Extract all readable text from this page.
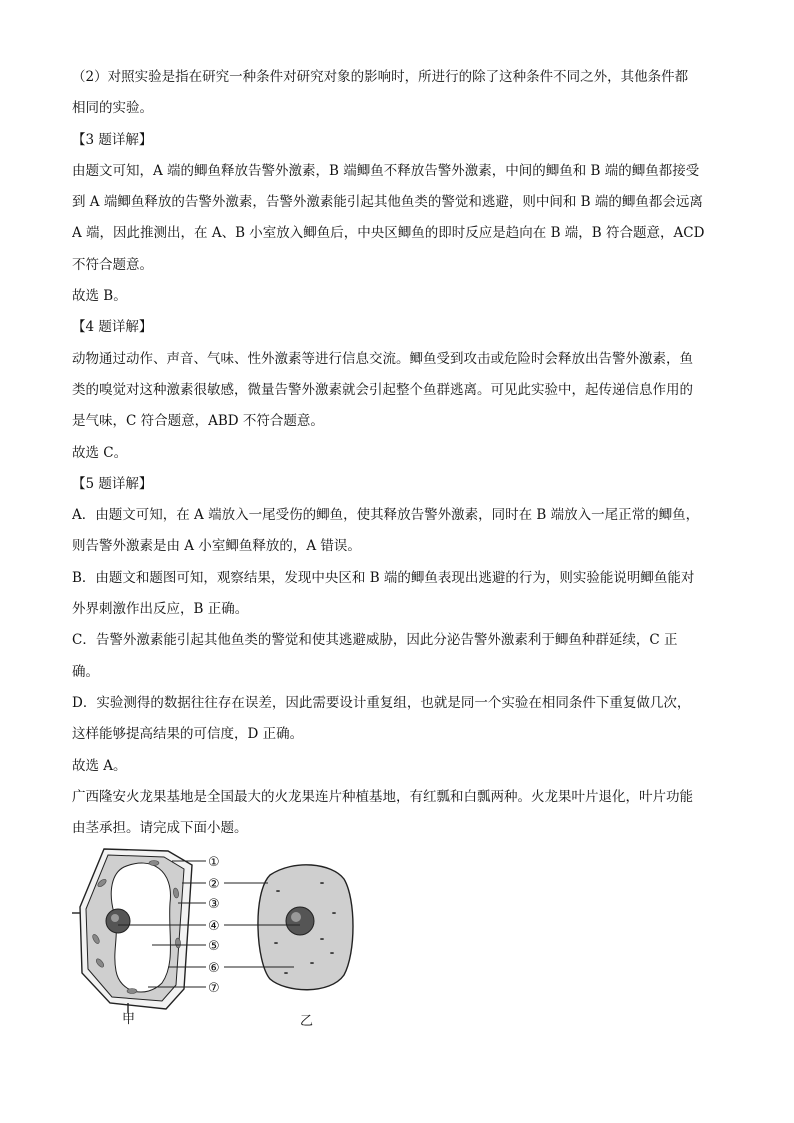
（2）对照实验是指在研究一种条件对研究对象的影响时，所进行的除了这种条件不同之外，其他条件都
相同的实验。
【3 题详解】
由题文可知，A 端的鲫鱼释放告警外激素，B 端鲫鱼不释放告警外激素，中间的鲫鱼和 B 端的鲫鱼都接受
到 A 端鲫鱼释放的告警外激素，告警外激素能引起其他鱼类的警觉和逃避，则中间和 B 端的鲫鱼都会远离
A 端，因此推测出，在 A、B 小室放入鲫鱼后，中央区鲫鱼的即时反应是趋向在 B 端，B 符合题意，ACD
不符合题意。
故选 B。
【4 题详解】
动物通过动作、声音、气味、性外激素等进行信息交流。鲫鱼受到攻击或危险时会释放出告警外激素，鱼
类的嗅觉对这种激素很敏感，微量告警外激素就会引起整个鱼群逃离。可见此实验中，起传递信息作用的
是气味，C 符合题意，ABD 不符合题意。
故选 C。
【5 题详解】
A．由题文可知，在 A 端放入一尾受伤的鲫鱼，使其释放告警外激素，同时在 B 端放入一尾正常的鲫鱼，
则告警外激素是由 A 小室鲫鱼释放的，A 错误。
B．由题文和题图可知，观察结果，发现中央区和 B 端的鲫鱼表现出逃避的行为，则实验能说明鲫鱼能对
外界刺激作出反应，B 正确。
C．告警外激素能引起其他鱼类的警觉和使其逃避威胁，因此分泌告警外激素利于鲫鱼种群延续，C 正
确。
D．实验测得的数据往往存在误差，因此需要设计重复组，也就是同一个实验在相同条件下重复做几次，
这样能够提高结果的可信度，D 正确。
故选 A。
广西隆安火龙果基地是全国最大的火龙果连片种植基地，有红瓢和白瓢两种。火龙果叶片退化，叶片功能
由茎承担。请完成下面小题。
①
②
③
④
⑤
⑥
⑦
甲	乙
